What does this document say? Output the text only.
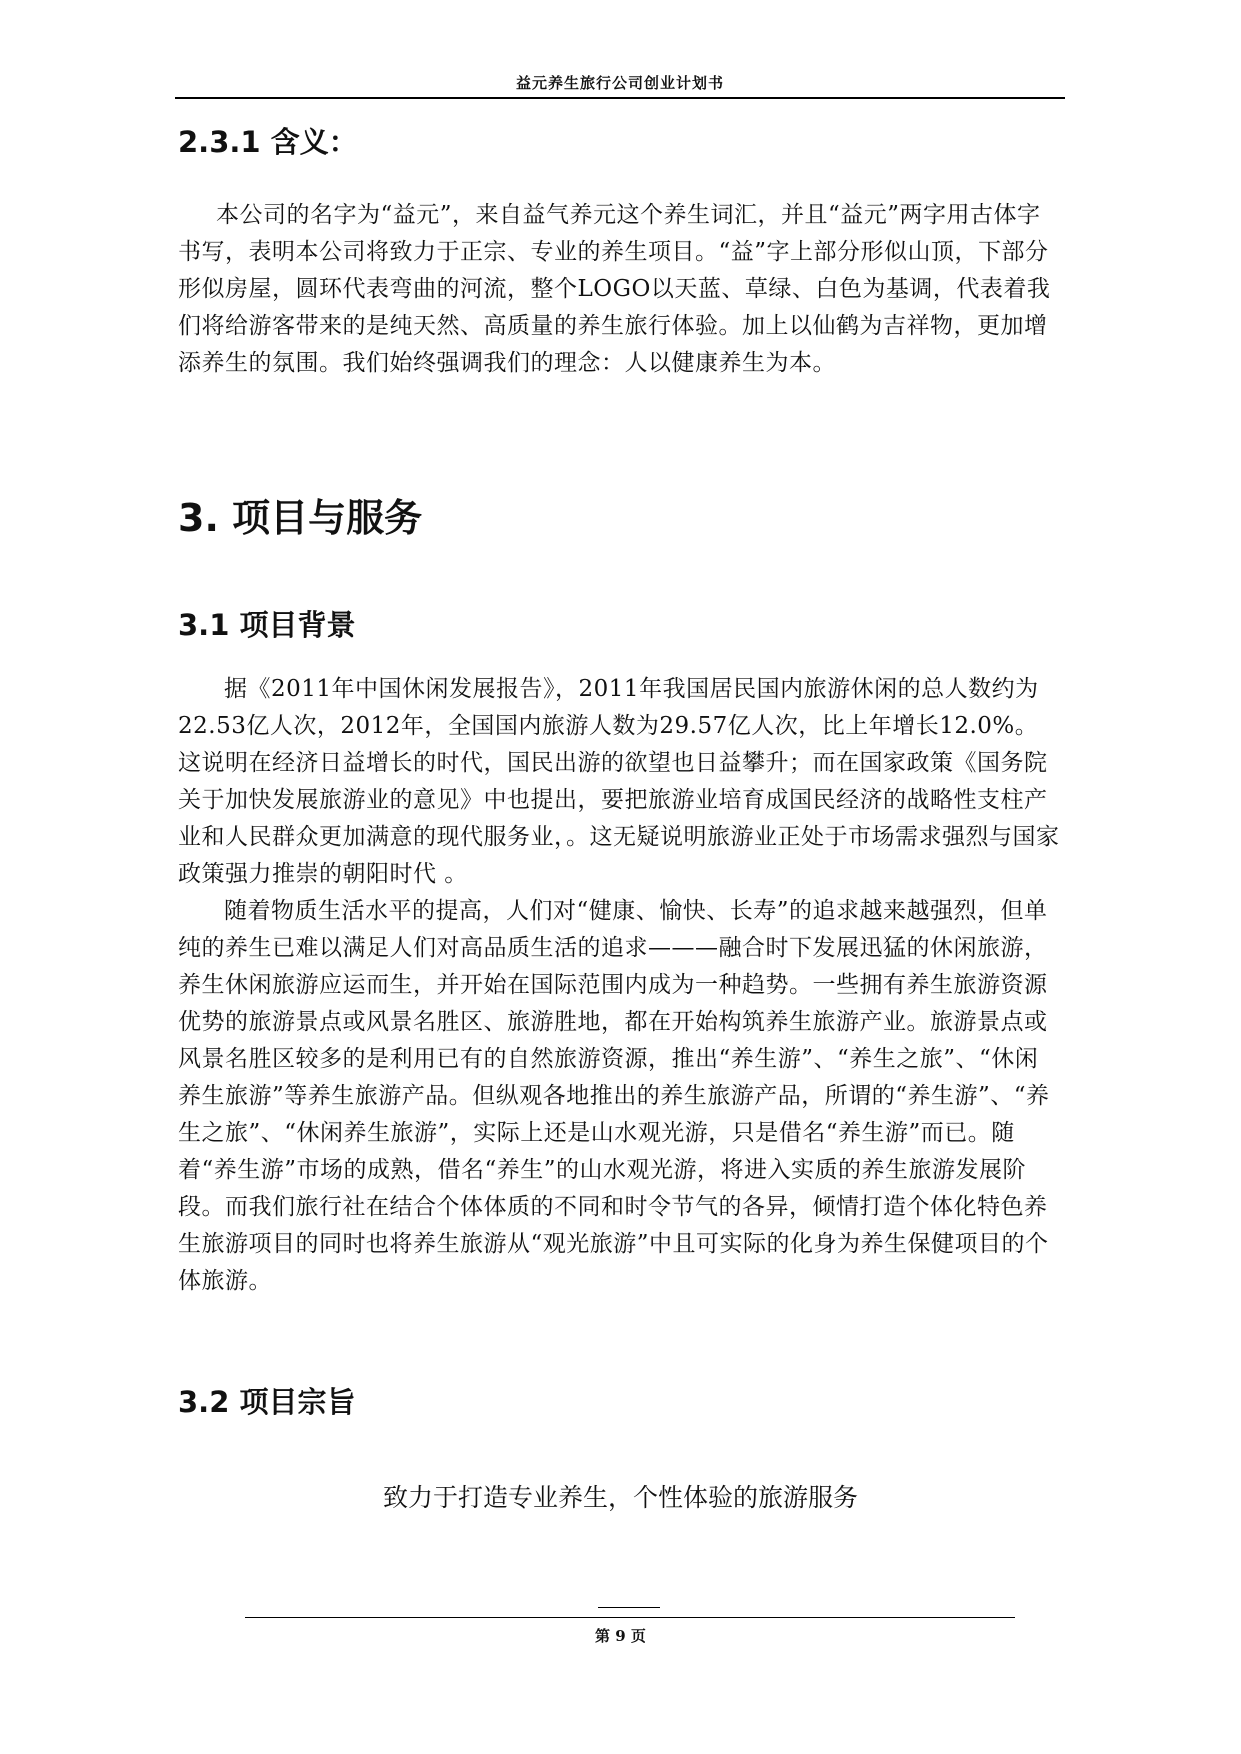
益元养生旅行公司创业计划书
2.3.1 含义：

本公司的名字为“益元”，来自益气养元这个养生词汇，并且“益元”两字用古体字书写，表明本公司将致力于正宗、专业的养生项目。“益”字上部分形似山顶，下部分形似房屋，圆环代表弯曲的河流，整个LOGO以天蓝、草绿、白色为基调，代表着我们将给游客带来的是纯天然、高质量的养生旅行体验。加上以仙鹤为吉祥物，更加增添养生的氛围。我们始终强调我们的理念：人以健康养生为本。

3. 项目与服务
3.1 项目背景

据《2011年中国休闲发展报告》，2011年我国居民国内旅游休闲的总人数约为22.53亿人次，2012年，全国国内旅游人数为29.57亿人次，比上年增长12.0%。这说明在经济日益增长的时代，国民出游的欲望也日益攀升；而在国家政策《国务院关于加快发展旅游业的意见》中也提出，要把旅游业培育成国民经济的战略性支柱产业和人民群众更加满意的现代服务业，。这无疑说明旅游业正处于市场需求强烈与国家政策强力推崇的朝阳时代 。

随着物质生活水平的提高，人们对“健康、愉快、长寿”的追求越来越强烈，但单纯的养生已难以满足人们对高品质生活的追求———融合时下发展迅猛的休闲旅游，养生休闲旅游应运而生，并开始在国际范围内成为一种趋势。一些拥有养生旅游资源优势的旅游景点或风景名胜区、旅游胜地，都在开始构筑养生旅游产业。旅游景点或风景名胜区较多的是利用已有的自然旅游资源，推出“养生游”、“养生之旅”、“休闲养生旅游”等养生旅游产品。但纵观各地推出的养生旅游产品，所谓的“养生游”、“养生之旅”、“休闲养生旅游”，实际上还是山水观光游，只是借名“养生游”而已。随着“养生游”市场的成熟，借名“养生”的山水观光游，将进入实质的养生旅游发展阶段。而我们旅行社在结合个体体质的不同和时令节气的各异，倾情打造个体化特色养生旅游项目的同时也将养生旅游从“观光旅游”中且可实际的化身为养生保健项目的个体旅游。

3.2 项目宗旨

致力于打造专业养生，个性体验的旅游服务

第 9 页
